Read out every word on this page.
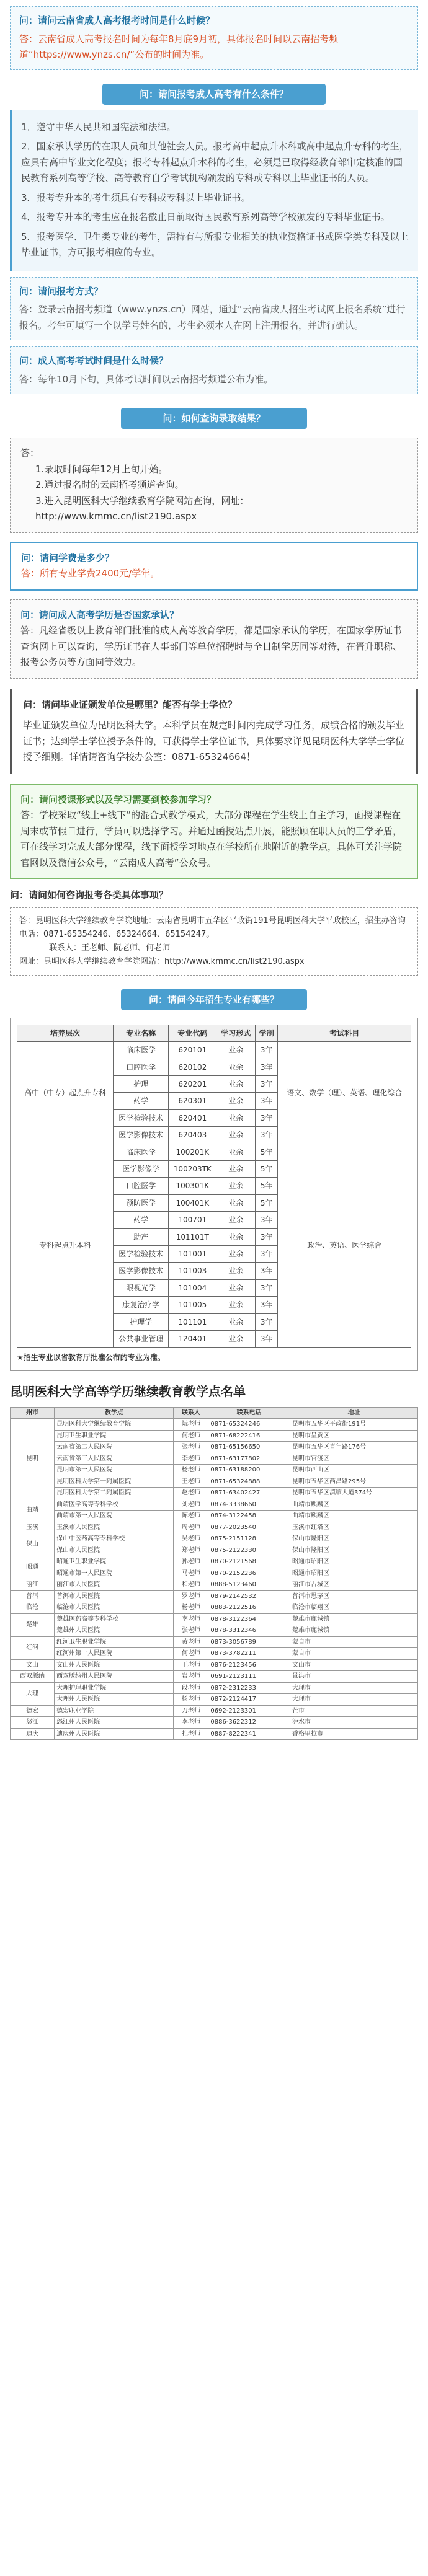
问：请问云南省成人高考报考时间是什么时候？
答：云南省成人高考报名时间为每年8月底9月初，具体报名时间以云南招考频道“https://www.ynzs.cn/”公布的时间为准。
问：请问报考成人高考有什么条件？

1．遵守中华人民共和国宪法和法律。

2．国家承认学历的在职人员和其他社会人员。报考高中起点升本科或高中起点升专科的考生，应具有高中毕业文化程度；报考专科起点升本科的考生，必须是已取得经教育部审定核准的国民教育系列高等学校、高等教育自学考试机构颁发的专科或专科以上毕业证书的人员。

3．报考专升本的考生须具有专科或专科以上毕业证书。

4．报考专升本的考生应在报名截止日前取得国民教育系列高等学校颁发的专科毕业证书。

5．报考医学、卫生类专业的考生，需持有与所报专业相关的执业资格证书或医学类专科及以上毕业证书，方可报考相应的专业。

问：请问报考方式？
答：登录云南招考频道（www.ynzs.cn）网站，通过“云南省成人招生考试网上报名系统”进行报名。考生可填写一个以学号姓名的，考生必须本人在网上注册报名，并进行确认。
问：成人高考考试时间是什么时候？
答：每年10月下旬，具体考试时间以云南招考频道公布为准。
问：如何查询录取结果？
答：
1.录取时间每年12月上旬开始。
2.通过报名时的云南招考频道查询。
3.进入昆明医科大学继续教育学院网站查询，网址：http://www.kmmc.cn/list2190.aspx
问：请问学费是多少？
答：所有专业学费2400元/学年。
问：请问成人高考学历是否国家承认？
答：凡经省级以上教育部门批准的成人高等教育学历，都是国家承认的学历，在国家学历证书查询网上可以查询，学历证书在人事部门等单位招聘时与全日制学历同等对待，在晋升职称、报考公务员等方面同等效力。
问：请问毕业证颁发单位是哪里？能否有学士学位？
毕业证颁发单位为昆明医科大学。本科学员在规定时间内完成学习任务，成绩合格的颁发毕业证书；达到学士学位授予条件的，可获得学士学位证书，具体要求详见昆明医科大学学士学位授予细则。详情请咨询学校办公室：0871-65324664！
问：请问授课形式以及学习需要到校参加学习？
答：学校采取“线上+线下”的混合式教学模式，大部分课程在学生线上自主学习，面授课程在周末或节假日进行，学员可以选择学习。并通过函授站点开展，能照顾在职人员的工学矛盾，可在线学习完成大部分课程，线下面授学习地点在学校所在地附近的教学点，具体可关注学院官网以及微信公众号，“云南成人高考”公众号。
问：请问如何咨询报考各类具体事项？
答：昆明医科大学继续教育学院地址：云南省昆明市五华区平政街191号昆明医科大学平政校区，招生办咨询电话：0871-65354246、65324664、65154247。
联系人：王老师、阮老师、何老师
网址：昆明医科大学继续教育学院网站：http://www.kmmc.cn/list2190.aspx
问：请问今年招生专业有哪些？
培养层次	专业名称	专业代码	学习形式	学制	考试科目
高中（中专）起点升专科	临床医学	620101	业余	3年	语文、数学（理）、英语、理化综合
	口腔医学	620102	业余	3年	
	护理	620201	业余	3年	
	药学	620301	业余	3年	
	医学检验技术	620401	业余	3年	
	医学影像技术	620403	业余	3年	
专科起点升本科	临床医学	100201K	业余	5年	政治、英语、医学综合
	医学影像学	100203TK	业余	5年	
	口腔医学	100301K	业余	5年	
	预防医学	100401K	业余	5年	
	药学	100701	业余	3年	
	助产	101101T	业余	3年	
	医学检验技术	101001	业余	3年	
	医学影像技术	101003	业余	3年	
	眼视光学	101004	业余	3年	
	康复治疗学	101005	业余	3年	
	护理学	101101	业余	3年	
	公共事业管理	120401	业余	3年	
★招生专业以省教育厅批准公布的专业为准。
昆明医科大学高等学历继续教育教学点名单
州市	教学点	联系人	联系电话	地址
昆明	昆明医科大学继续教育学院	阮老师	0871-65324246	昆明市五华区平政街191号
	昆明卫生职业学院	何老师	0871-68222416	昆明市呈贡区
	云南省第二人民医院	张老师	0871-65156650	昆明市五华区青年路176号
	云南省第三人民医院	李老师	0871-63177802	昆明市官渡区
	昆明市第一人民医院	杨老师	0871-63188200	昆明市西山区
	昆明医科大学第一附属医院	王老师	0871-65324888	昆明市五华区西昌路295号
	昆明医科大学第二附属医院	赵老师	0871-63402427	昆明市五华区滇缅大道374号
曲靖	曲靖医学高等专科学校	刘老师	0874-3338660	曲靖市麒麟区
	曲靖市第一人民医院	陈老师	0874-3122458	曲靖市麒麟区
玉溪	玉溪市人民医院	周老师	0877-2023540	玉溪市红塔区
保山	保山中医药高等专科学校	吴老师	0875-2151128	保山市隆阳区
	保山市人民医院	郑老师	0875-2122330	保山市隆阳区
昭通	昭通卫生职业学院	孙老师	0870-2121568	昭通市昭阳区
	昭通市第一人民医院	马老师	0870-2152236	昭通市昭阳区
丽江	丽江市人民医院	和老师	0888-5123460	丽江市古城区
普洱	普洱市人民医院	罗老师	0879-2142532	普洱市思茅区
临沧	临沧市人民医院	杨老师	0883-2122516	临沧市临翔区
楚雄	楚雄医药高等专科学校	李老师	0878-3122364	楚雄市鹿城镇
	楚雄州人民医院	张老师	0878-3312346	楚雄市鹿城镇
红河	红河卫生职业学院	黄老师	0873-3056789	蒙自市
	红河州第一人民医院	何老师	0873-3782211	蒙自市
文山	文山州人民医院	王老师	0876-2123456	文山市
西双版纳	西双版纳州人民医院	岩老师	0691-2123111	景洪市
大理	大理护理职业学院	段老师	0872-2312233	大理市
	大理州人民医院	杨老师	0872-2124417	大理市
德宏	德宏职业学院	刀老师	0692-2123301	芒市
怒江	怒江州人民医院	李老师	0886-3622312	泸水市
迪庆	迪庆州人民医院	扎老师	0887-8222341	香格里拉市
